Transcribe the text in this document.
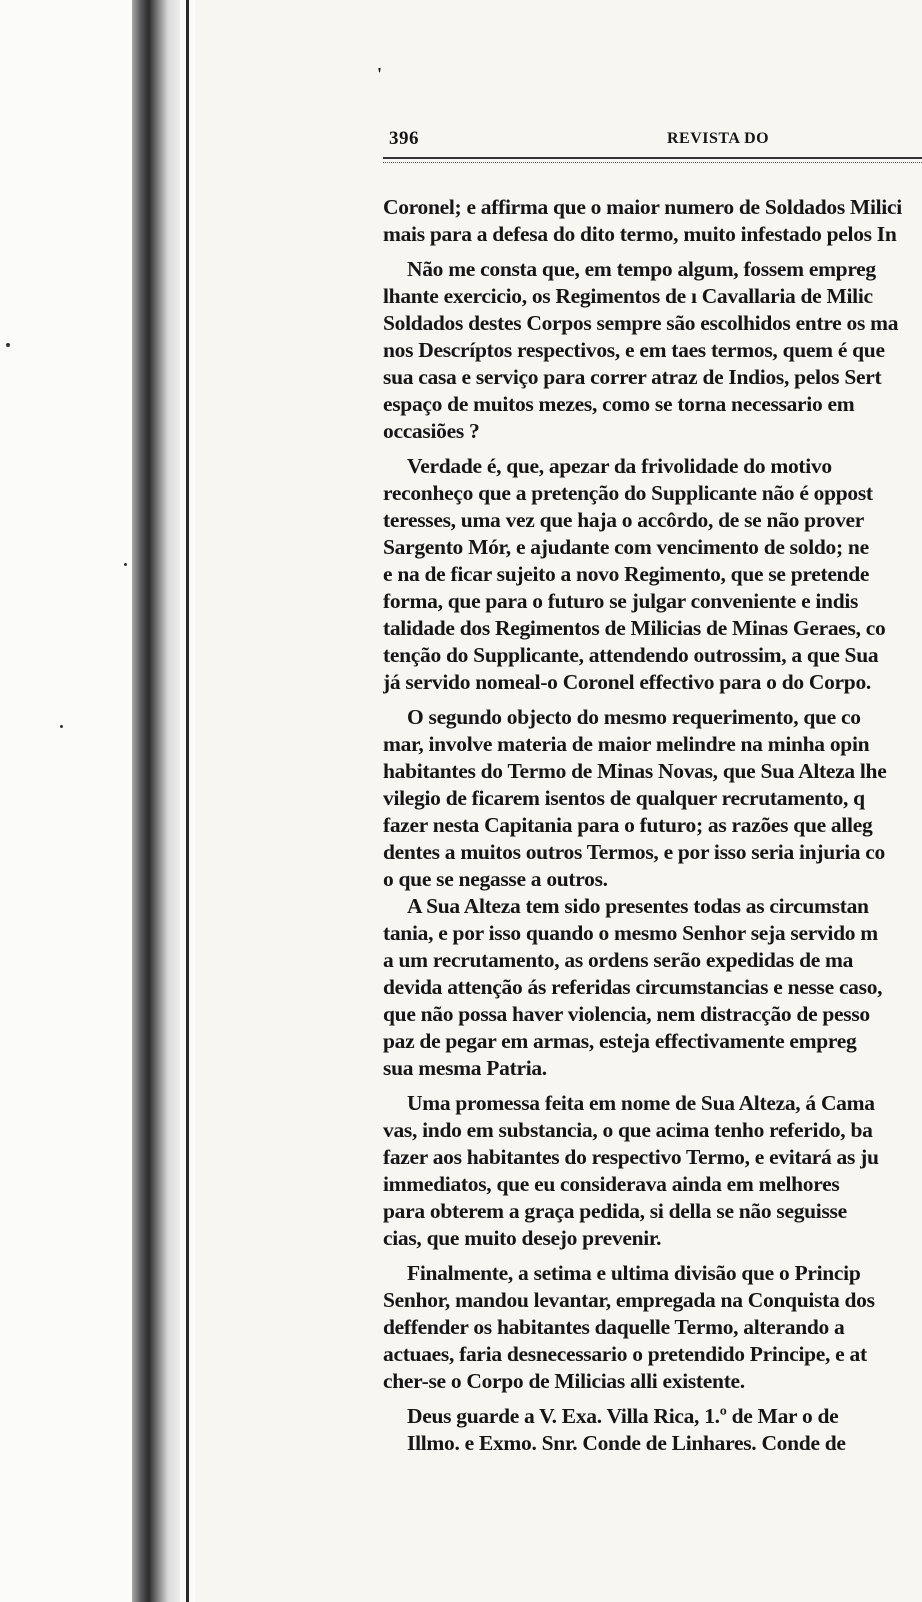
'
396	REVISTA DO
Coronel; e affirma que o maior numero de Soldados Milici
mais para a defesa do dito termo, muito infestado pelos In
Não me consta que, em tempo algum, fossem empreg
lhante exercicio, os Regimentos de ı Cavallaria de Milic
Soldados destes Corpos sempre são escolhidos entre os ma
nos Descríptos respectivos, e em taes termos, quem é que
sua casa e serviço para correr atraz de Indios, pelos Sert
espaço de muitos mezes, como se torna necessario em
occasiões ?
Verdade é, que, apezar da frivolidade do motivo
reconheço que a pretenção do Supplicante não é oppost
teresses, uma vez que haja o accôrdo, de se não prover
Sargento Mór, e ajudante com vencimento de soldo; ne
e na de ficar sujeito a novo Regimento, que se pretende
forma, que para o futuro se julgar conveniente e indis
talidade dos Regimentos de Milicias de Minas Geraes, co
tenção do Supplicante, attendendo outrossim, a que Sua
já servido nomeal-o Coronel effectivo para o do Corpo.
O segundo objecto do mesmo requerimento, que co
mar, involve materia de maior melindre na minha opin
habitantes do Termo de Minas Novas, que Sua Alteza lhe
vilegio de ficarem isentos de qualquer recrutamento, q
fazer nesta Capitania para o futuro; as razões que alleg
dentes a muitos outros Termos, e por isso seria injuria co
o que se negasse a outros.
A Sua Alteza tem sido presentes todas as circumstan
tania, e por isso quando o mesmo Senhor seja servido m
a um recrutamento, as ordens serão expedidas de ma
devida attenção ás referidas circumstancias e nesse caso,
que não possa haver violencia, nem distracção de pesso
paz de pegar em armas, esteja effectivamente empreg
sua mesma Patria.
Uma promessa feita em nome de Sua Alteza, á Cama
vas, indo em substancia, o que acima tenho referido, ba
fazer aos habitantes do respectivo Termo, e evitará as ju
immediatos, que eu considerava ainda em melhores
para obterem a graça pedida, si della se não seguisse
cias, que muito desejo prevenir.
Finalmente, a setima e ultima divisão que o Princip
Senhor, mandou levantar, empregada na Conquista dos
deffender os habitantes daquelle Termo, alterando a
actuaes, faria desnecessario o pretendido Principe, e at
cher-se o Corpo de Milicias alli existente.
Deus guarde a V. Exa. Villa Rica, 1.º de Mar o de
Illmo. e Exmo. Snr. Conde de Linhares. Conde de
